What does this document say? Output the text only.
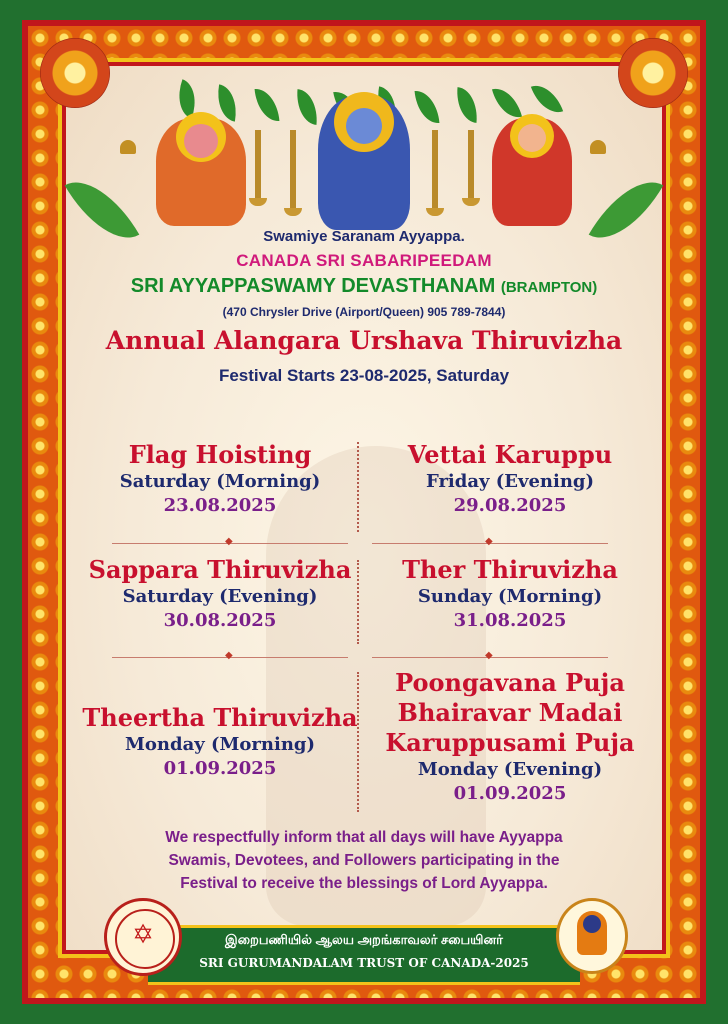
Swamiye Saranam Ayyappa.
CANADA SRI SABARIPEEDAM
SRI AYYAPPASWAMY DEVASTHANAM (BRAMPTON)
(470 Chrysler Drive (Airport/Queen) 905 789-7844)
Annual Alangara Urshava Thiruvizha
Festival Starts 23-08-2025, Saturday
◆
◆
◆
◆
Flag Hoisting
Saturday (Morning)
23.08.2025
Vettai Karuppu
Friday (Evening)
29.08.2025
Sappara Thiruvizha
Saturday (Evening)
30.08.2025
Ther Thiruvizha
Sunday (Morning)
31.08.2025
Theertha Thiruvizha
Monday (Morning)
01.09.2025
Poongavana Puja
Bhairavar Madai
Karuppusami Puja
Monday (Evening)
01.09.2025
We respectfully inform that all days will have Ayyappa
Swamis, Devotees, and Followers participating in the
Festival to receive the blessings of Lord Ayyappa.
இறைபணியில் ஆலய அறங்காவலர் சபையினர்
SRI GURUMANDALAM TRUST OF CANADA-2025
✡
